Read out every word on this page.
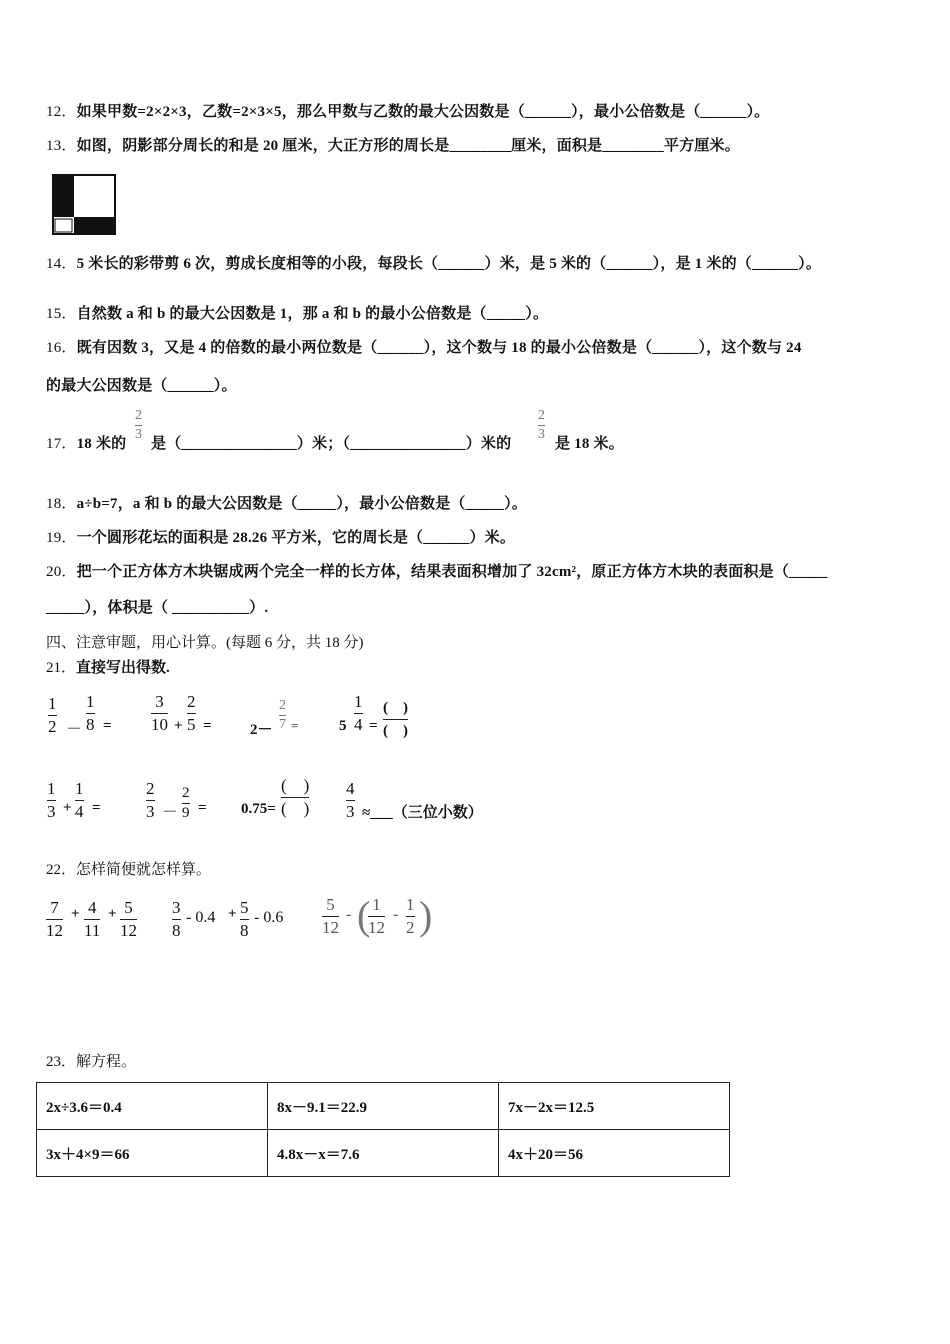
12．如果甲数=2×2×3，乙数=2×3×5，那么甲数与乙数的最大公因数是（______），最小公倍数是（______）。
13．如图，阴影部分周长的和是 20 厘米，大正方形的周长是________厘米，面积是________平方厘米。
14．5 米长的彩带剪 6 次，剪成长度相等的小段，每段长（______）米，是 5 米的（______），是 1 米的（______）。
15．自然数 a 和 b 的最大公因数是 1，那 a 和 b 的最小公倍数是（_____）。
16．既有因数 3，又是 4 的倍数的最小两位数是（______），这个数与 18 的最小公倍数是（______），这个数与 24
的最大公因数是（______）。
17．18 米的
2
3
是（_______________）米；（_______________）米的
2
3
是 18 米。
18．a÷b=7，a 和 b 的最大公因数是（_____），最小公倍数是（_____）。
19．一个圆形花坛的面积是 28.26 平方米，它的周长是（______）米。
20．把一个正方体方木块锯成两个完全一样的长方体，结果表面积增加了 32cm²，原正方体方木块的表面积是（_____
_____），体积是（ __________）.
四、注意审题，用心计算。(每题 6 分，共 18 分)
21．直接写出得数.
1
2 －
1
8 =
3
10 +
2
5 =	2－
2
7 =	5
1
4 =
(　)
(　)
1
3 +
1
4 =
2
3 －
2
9 = 0.75=
(　)
(　)
4
3 ≈___（三位小数）
22．怎样简便就怎样算。
7
12
+ 4
11
+ 5
12
3
8
- 0.4 + 5
8
- 0.6
5
12
- ( 1
12
-
1
2 )
23．解方程。
2x÷3.6＝0.4	8x－9.1＝22.9	7x－2x＝12.5
3x＋4×9＝66	4.8x－x＝7.6	4x＋20＝56
